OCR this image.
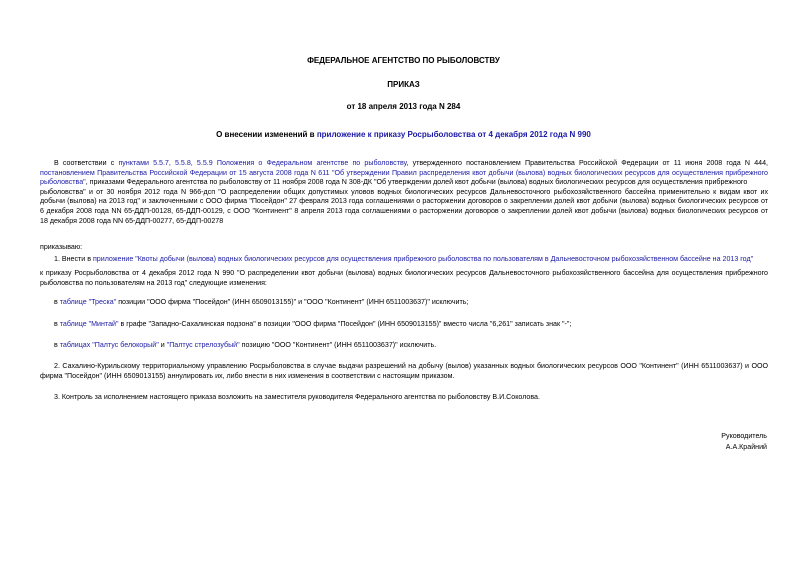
ФЕДЕРАЛЬНОЕ АГЕНТСТВО ПО РЫБОЛОВСТВУ
ПРИКАЗ
от 18 апреля 2013 года N 284
О внесении изменений в приложение к приказу Росрыболовства от 4 декабря 2012 года N 990
В соответствии с пунктами 5.5.7, 5.5.8, 5.5.9 Положения о Федеральном агентстве по рыболовству, утвержденного постановлением Правительства Российской Федерации от 11 июня 2008 года N 444,
постановлением Правительства Российской Федерации от 15 августа 2008 года N 611 "Об утверждении Правил распределения квот добычи (вылова) водных биологических ресурсов для осуществления прибрежного
рыболовства", приказами Федерального агентства по рыболовству от 11 ноября 2008 года N 308-ДК "Об утверждении долей квот добычи (вылова) водных биологических ресурсов для осуществления прибрежного
рыболовства" и от 30 ноября 2012 года N 966-дсп "О распределении общих допустимых уловов водных биологических ресурсов Дальневосточного рыбохозяйственного бассейна применительно к видам квот их
добычи (вылова) на 2013 год" и заключенными с ООО фирма "Посейдон" 27 февраля 2013 года соглашениями о расторжении договоров о закреплении долей квот добычи (вылова) водных биологических ресурсов от
6 декабря 2008 года NN 65-ДДП-00128, 65-ДДП-00129, с ООО "Континент" 8 апреля 2013 года соглашениями о расторжении договоров о закреплении долей квот добычи (вылова) водных биологических ресурсов от
18 декабря 2008 года NN 65-ДДП-00277, 65-ДДП-00278
приказываю:
1. Внести в приложение "Квоты добычи (вылова) водных биологических ресурсов для осуществления прибрежного рыболовства по пользователям в Дальневосточном рыбохозяйственном бассейне на 2013 год"
к приказу Росрыболовства от 4 декабря 2012 года N 990 "О распределении квот добычи (вылова) водных биологических ресурсов Дальневосточного рыбохозяйственного бассейна для осуществления прибрежного
рыболовства по пользователям на 2013 год" следующие изменения:
в таблице "Треска" позиции "ООО фирма "Посейдон" (ИНН 6509013155)" и "ООО "Континент" (ИНН 6511003637)" исключить;
в таблице "Минтай" в графе "Западно-Сахалинская подзона" в позиции "ООО фирма "Посейдон" (ИНН 6509013155)" вместо числа "6,261" записать знак "-";
в таблицах "Палтус белокорый" и "Палтус стрелозубый" позицию "ООО "Континент" (ИНН 6511003637)" исключить.
2. Сахалино-Курильскому территориальному управлению Росрыболовства в случае выдачи разрешений на добычу (вылов) указанных водных биологических ресурсов ООО "Континент" (ИНН 6511003637) и ООО
фирма "Посейдон" (ИНН 6509013155) аннулировать их, либо внести в них изменения в соответствии с настоящим приказом.
3. Контроль за исполнением настоящего приказа возложить на заместителя руководителя Федерального агентства по рыболовству В.И.Соколова.
Руководитель
А.А.Крайний
